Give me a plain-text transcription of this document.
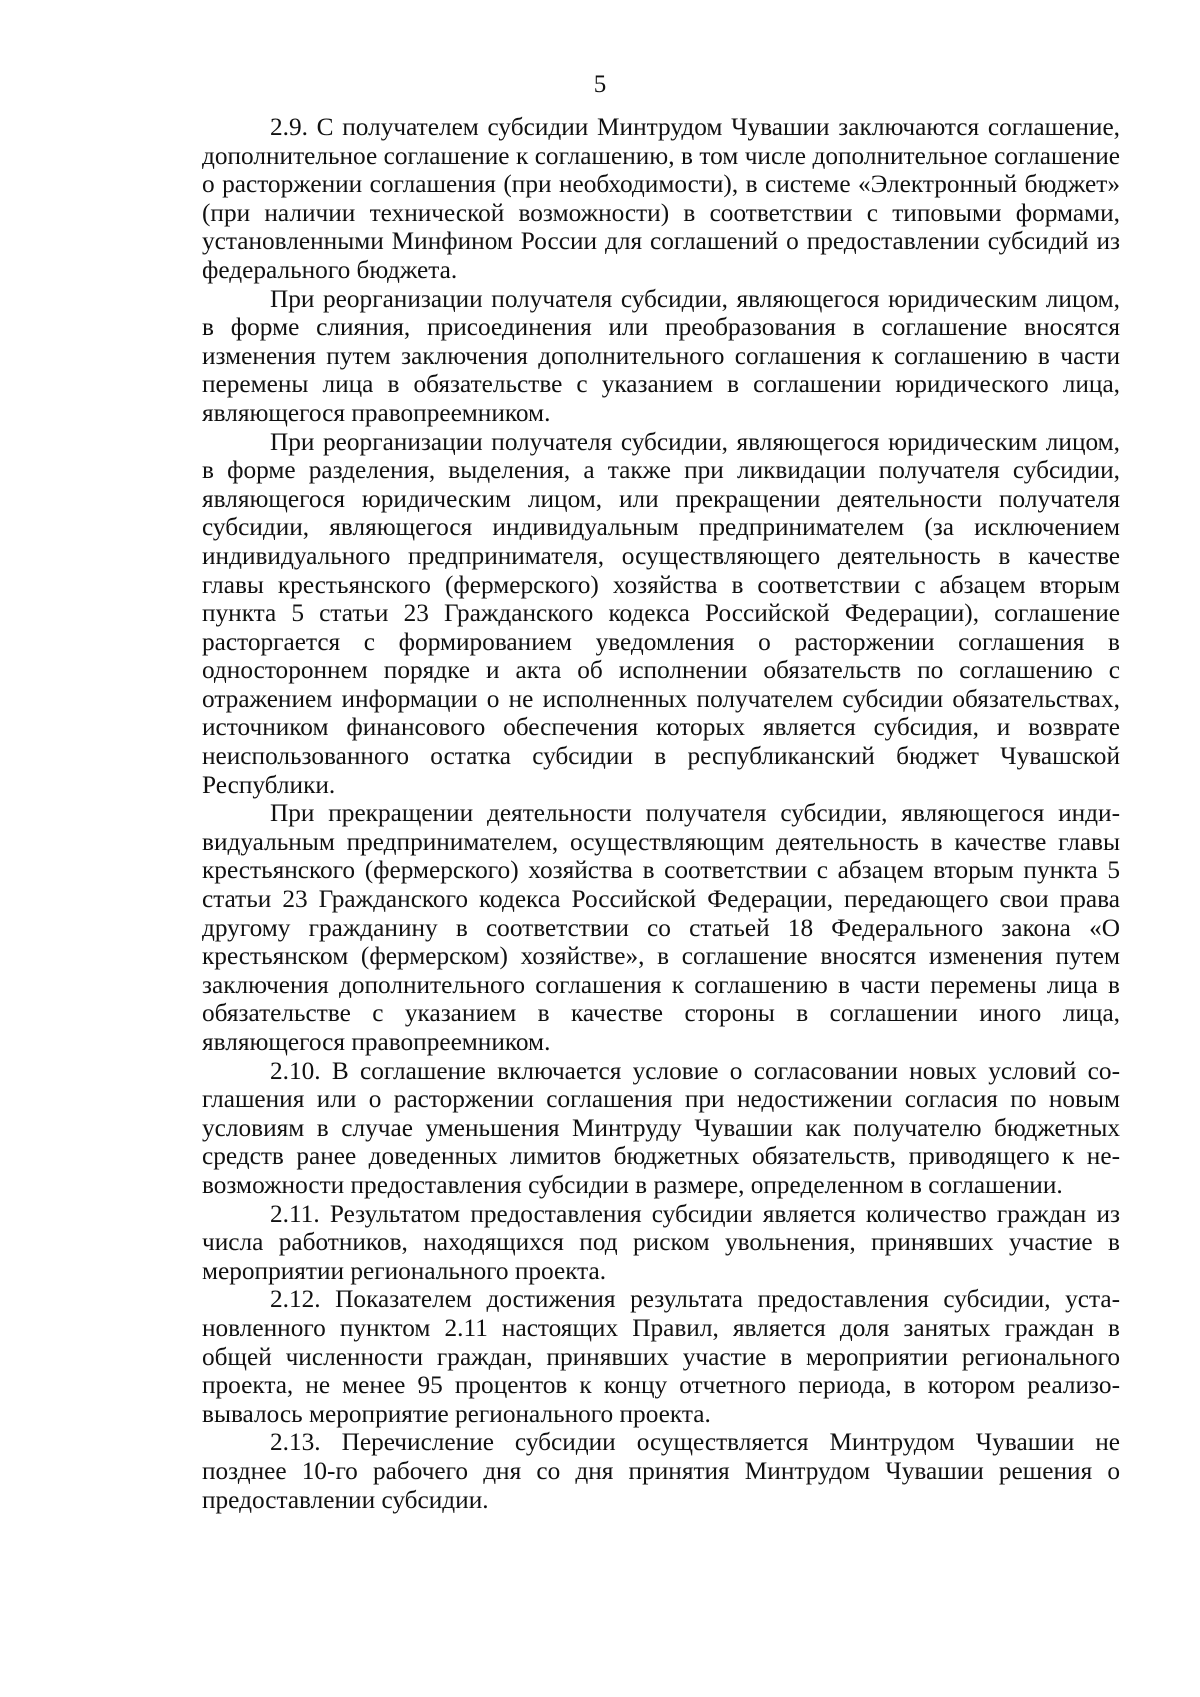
5

2.9. С получателем субсидии Минтрудом Чувашии заключаются соглашение, дополнительное соглашение к соглашению, в том числе дополнительное соглашение о расторжении соглашения (при необходимости), в системе «Электронный бюджет» (при наличии технической возможности) в соответствии с типовыми формами, установленными Минфином России для соглашений о предоставлении субсидий из федерального бюджета.

При реорганизации получателя субсидии, являющегося юридическим лицом, в форме слияния, присоединения или преобразования в соглашение вносятся изменения путем заключения дополнительного соглашения к соглашению в части перемены лица в обязательстве с указанием в соглашении юридического лица, являющегося правопреемником.

При реорганизации получателя субсидии, являющегося юридическим лицом, в форме разделения, выделения, а также при ликвидации получателя субсидии, являющегося юридическим лицом, или прекращении деятельности получателя субсидии, являющегося индивидуальным предпринимателем (за исключением индивидуального предпринимателя, осуществляющего деятельность в качестве главы крестьянского (фермерского) хозяйства в соответствии с абзацем вторым пункта 5 статьи 23 Гражданского кодекса Российской Федерации), соглашение расторгается с формированием уведомления о расторжении соглашения в одностороннем порядке и акта об исполнении обязательств по соглашению с отражением информации о не исполненных получателем субсидии обязательствах, источником финансового обеспечения которых является субсидия, и возврате неиспользованного остатка субсидии в республиканский бюджет Чувашской Республики.

При прекращении деятельности получателя субсидии, являющегося индивидуальным предпринимателем, осуществляющим деятельность в качестве главы крестьянского (фермерского) хозяйства в соответствии с абзацем вторым пункта 5 статьи 23 Гражданского кодекса Российской Федерации, передающего свои права другому гражданину в соответствии со статьей 18 Федерального закона «О крестьянском (фермерском) хозяйстве», в соглашение вносятся изменения путем заключения дополнительного соглашения к соглашению в части перемены лица в обязательстве с указанием в качестве стороны в соглашении иного лица, являющегося правопреемником.

2.10. В соглашение включается условие о согласовании новых условий соглашения или о расторжении соглашения при недостижении согласия по новым условиям в случае уменьшения Минтруду Чувашии как получателю бюджетных средств ранее доведенных лимитов бюджетных обязательств, приводящего к невозможности предоставления субсидии в размере, определенном в соглашении.

2.11. Результатом предоставления субсидии является количество граждан из числа работников, находящихся под риском увольнения, принявших участие в мероприятии регионального проекта.

2.12. Показателем достижения результата предоставления субсидии, установленного пунктом 2.11 настоящих Правил, является доля занятых граждан в общей численности граждан, принявших участие в мероприятии регионального проекта, не менее 95 процентов к концу отчетного периода, в котором реализовывалось мероприятие регионального проекта.

2.13. Перечисление субсидии осуществляется Минтрудом Чувашии не позднее 10-го рабочего дня со дня принятия Минтрудом Чувашии решения о предоставлении субсидии.
